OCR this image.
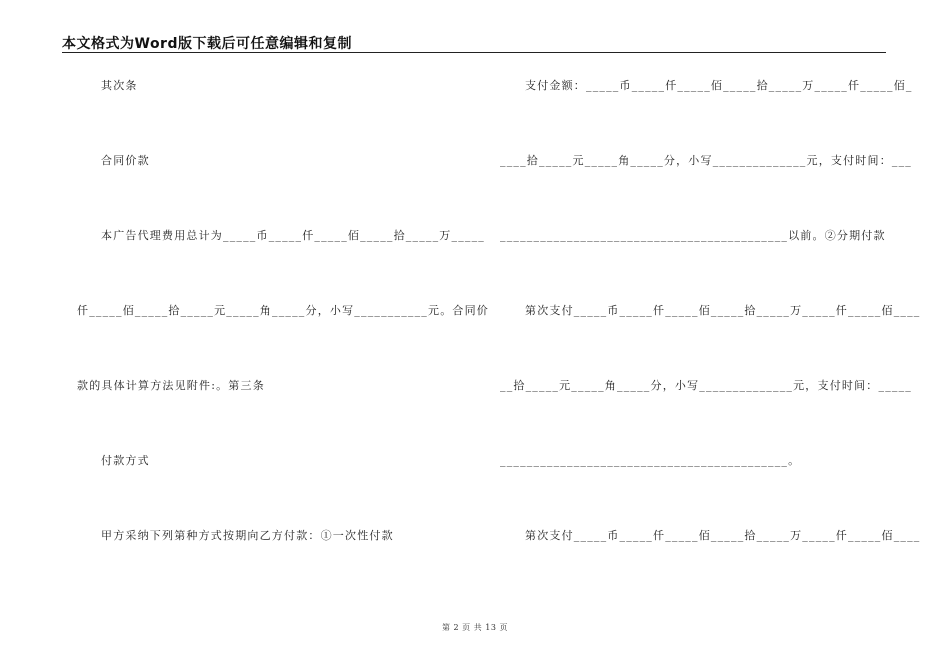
本文格式为Word版下载后可任意编辑和复制
其次条
合同价款
本广告代理费用总计为_____币_____仟_____佰_____拾_____万_____
仟_____佰_____拾_____元_____角_____分，小写___________元。合同价
款的具体计算方法见附件:。第三条
付款方式
甲方采纳下列第种方式按期向乙方付款：①一次性付款
支付金额：_____币_____仟_____佰_____拾_____万_____仟_____佰_
____拾_____元_____角_____分，小写______________元，支付时间：___
___________________________________________以前。②分期付款
第次支付_____币_____仟_____佰_____拾_____万_____仟_____佰____
__拾_____元_____角_____分，小写______________元，支付时间：_____
___________________________________________。
第次支付_____币_____仟_____佰_____拾_____万_____仟_____佰____
第 2 页 共 13 页
